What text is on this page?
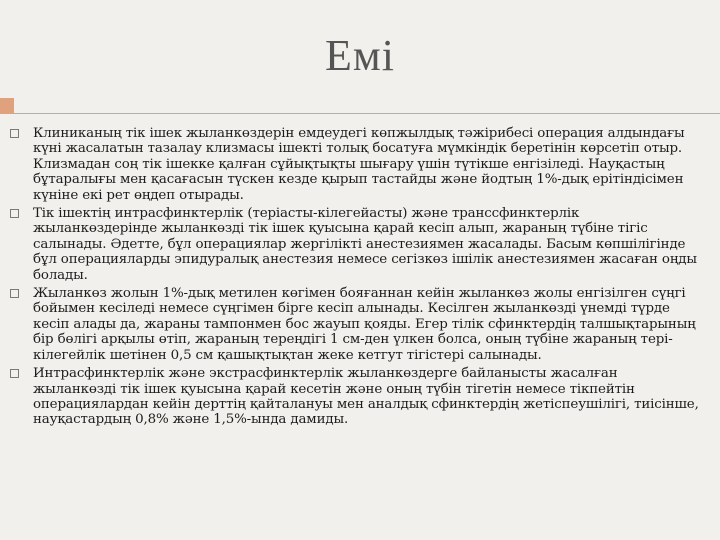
Емі
Клиниканың тік ішек жыланкөздерін емдеудегі көпжылдық тәжірибесі операция алдындағы күні жасалатын тазалау клизмасы ішекті толық босатуға мүмкіндік беретінін көрсетіп отыр. Клизмадан соң тік ішекке қалған сұйықтықты шығару үшін түтікше енгізіледі. Науқастың бұтаралығы мен қасағасын түскен кезде қырып тастайды және йодтың 1%-дық ерітіндісімен күніне екі рет өңдеп отырады.
Тік ішектің интрасфинктерлік (теріасты-кілегейасты) және транссфинктерлік жыланкөздерінде жыланкөзді тік ішек қуысына қарай кесіп алып, жараның түбіне тігіс салынады. Әдетте, бұл операциялар жергілікті анестезиямен жасалады. Басым көпшілігінде бұл операцияларды эпидуралық анестезия немесе сегізкөз ішілік анестезиямен жасаған оңды болады.
Жыланкөз жолын 1%-дық метилен көгімен бояғаннан кейін жыланкөз жолы енгізілген сүңгі бойымен кесіледі немесе сүңгімен бірге кесіп алынады. Кесілген жыланкөзді үнемді түрде кесіп алады да, жараны тампонмен бос жауып қояды. Егер тілік сфинктердің талшықтарының бір бөлігі арқылы өтіп, жараның тереңдігі 1 см-ден үлкен болса, оның түбіне жараның тері-кілегейлік шетінен 0,5 см қашықтықтан жеке кетгут тігістері салынады.
Интрасфинктерлік және экстрасфинктерлік жыланкөздерге байланысты жасалған жыланкөзді тік ішек қуысына қарай кесетін және оның түбін тігетін немесе тікпейтін операциялардан кейін дерттің қайталануы мен аналдық сфинктердің жетіспеушілігі, тиісінше, науқастардың 0,8% және 1,5%-ында дамиды.
